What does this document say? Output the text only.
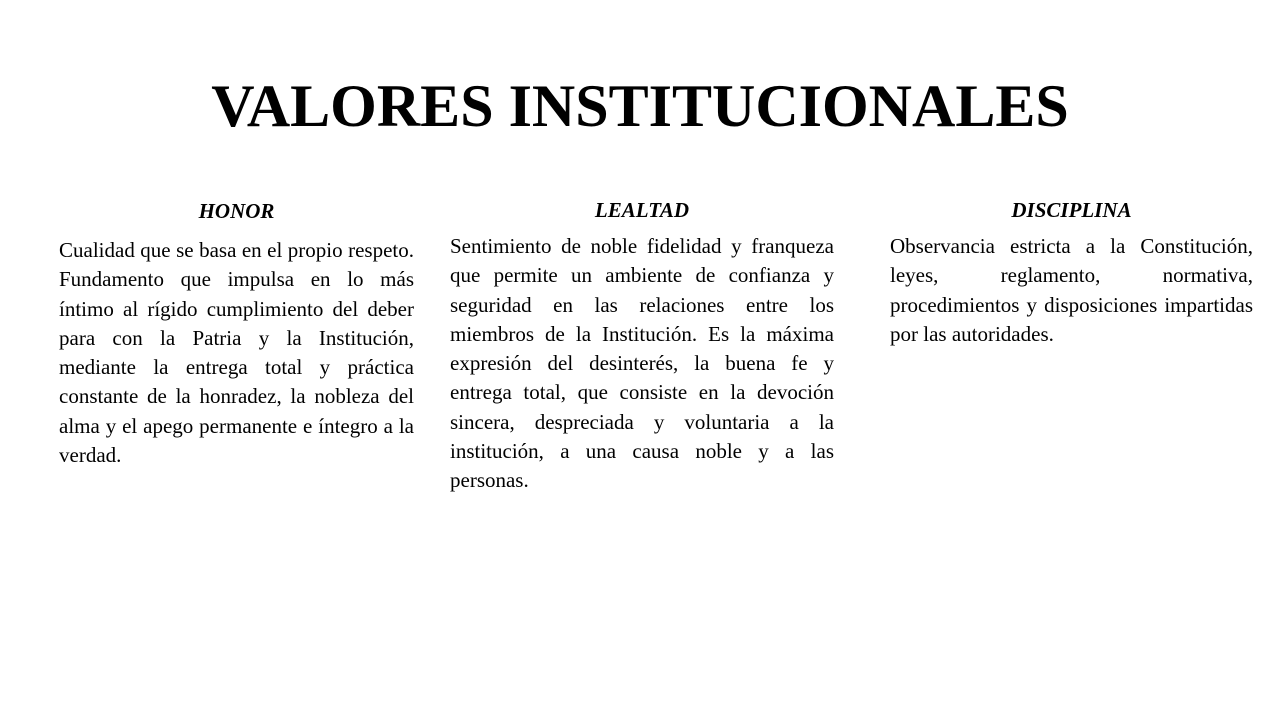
VALORES INSTITUCIONALES
HONOR

Cualidad que se basa en el propio respeto. Fundamento que impulsa en lo más íntimo al rígido cumplimiento del deber para con la Patria y la Institución, mediante la entrega total y práctica constante de la honradez, la nobleza del alma y el apego permanente e íntegro a la verdad.

LEALTAD

Sentimiento de noble fidelidad y franqueza que permite un ambiente de confianza y seguridad en las relaciones entre los miembros de la Institución. Es la máxima expresión del desinterés, la buena fe y entrega total, que consiste en la devoción sincera, despreciada y voluntaria a la institución, a una causa noble y a las personas.

DISCIPLINA

Observancia estricta a la Constitución, leyes, reglamento, normativa, procedimientos y disposiciones impartidas por las autoridades.
